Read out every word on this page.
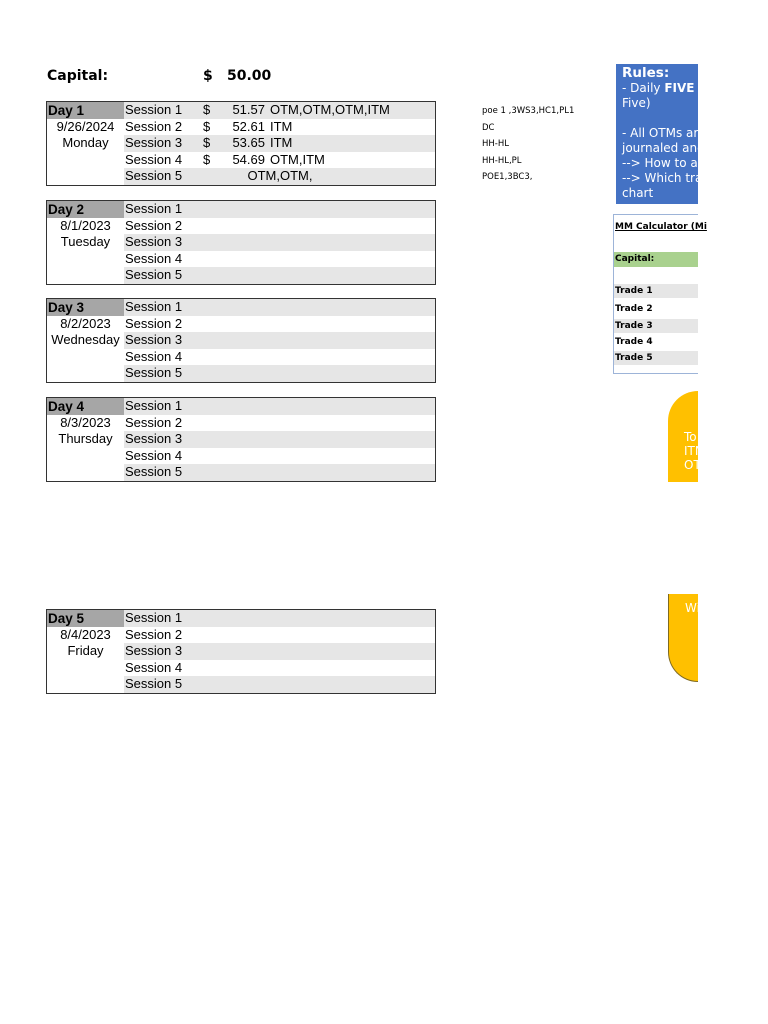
Capital:	$ 50.00
Day 1
9/26/2024
Monday
Session 1 $	51.57 OTM,OTM,OTM,ITM	poe 1 ,3WS3,HC1,PL1
Session 2 $	52.61 ITM	DC
Session 3 $	53.65 ITM	HH-HL
Session 4 $	54.69 OTM,ITM	HH-HL,PL
Session 5	OTM,OTM,	POE1,3BC3,
Day 2
8/1/2023
Tuesday
Session 1
Session 2
Session 3
Session 4
Session 5
Day 3
8/2/2023
Wednesday
Session 1
Session 2
Session 3
Session 4
Session 5
Day 4
8/3/2023
Thursday
Session 1
Session 2
Session 3
Session 4
Session 5
Day 5
8/4/2023
Friday
Session 1
Session 2
Session 3
Session 4
Session 5
Rules:
- Daily FIVE N
Five)

- All OTMs ar
journaled and
--> How to av
--> Which tra
chart
MM Calculator (Mi
Capital:
Trade 1
Trade 2
Trade 3
Trade 4
Trade 5
To
ITN
OT
Wi
